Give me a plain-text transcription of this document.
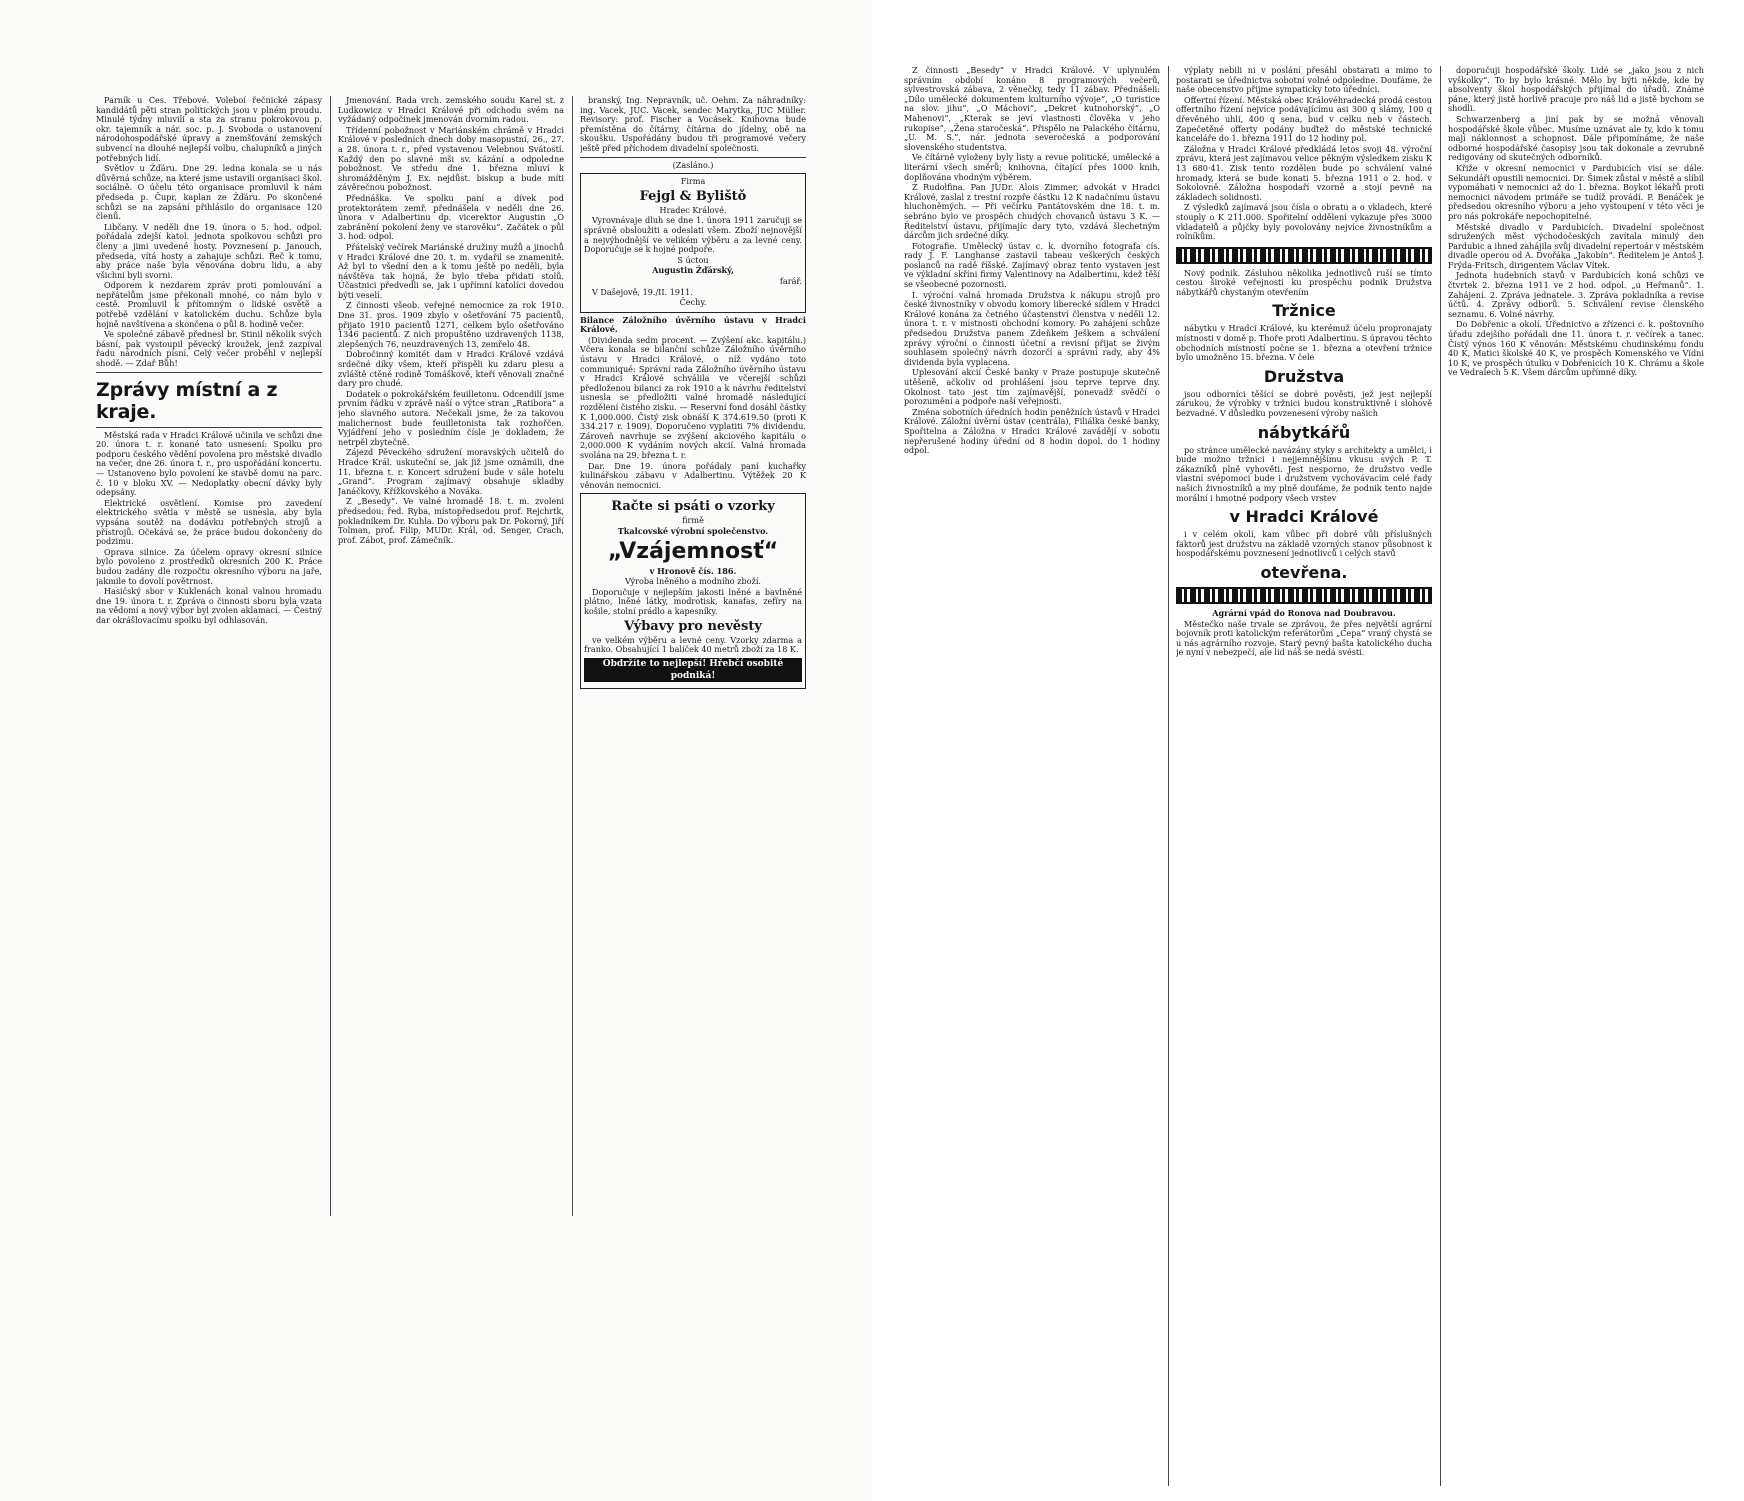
Parník u Čes. Třebové. Voleboí řečnické zápasy kandidátů pěti stran politických jsou v plném proudu. Minulé týdny mluvili a sta za stranu pokrokovou p. okr. tajemník a nár. soc. p. J. Svoboda o ustanovení národohospodářské úpravy a znemšťování zemských subvencí na dlouhé nejlepší volbu, chalupníků a jiných potřebných lidí.

Světlov u Žďáru. Dne 29. ledna konala se u nás důvěrná schůze, na které jsme ustavili organisaci škol. sociálně. O účelu této organisace promluvil k nám předseda p. Čupr, kaplan ze Žďáru. Po skončené schůzi se na zapsání přihlásilo do organisace 120 členů.

Libčany. V neděli dne 19. února o 5. hod. odpol. pořádala zdejší katol. jednota spolkovou schůzi pro členy a jimi uvedené hosty. Povznesení p. Janouch, předseda, vítá hosty a zahajuje schůzi. Řeč k tomu, aby práce naše byla věnována dobru lidu, a aby všichni byli svorni.

Odporem k nezdarem zpráv proti pomlouvání a nepřátelům jsme překonali mnohé, co nám bylo v cestě. Promluvil k přítomným o lidské osvětě a potřebě vzdělání v katolickém duchu. Schůze byla hojně navštívena a skončena o půl 8. hodině večer.

Ve společné zábavě přednesl br. Stinil několik svých básní, pak vystoupil pěvecký kroužek, jenž zazpíval řadu národních písní. Celý večer proběhl v nejlepší shodě. — Zdař Bůh!

Zprávy místní a z kraje.

Městská rada v Hradci Králové učinila ve schůzi dne 20. února t. r. konané tato usnesení: Spolku pro podporu českého vědění povolena pro městské divadlo na večer, dne 26. února t. r., pro uspořádání koncertu. — Ustanoveno bylo povolení ke stavbě domu na parc. č. 10 v bloku XV. — Nedoplatky obecní dávky byly odepsány.

Elektrické osvětlení. Komise pro zavedení elektrického světla v městě se usnesla, aby byla vypsána soutěž na dodávku potřebných strojů a přístrojů. Očekává se, že práce budou dokončeny do podzimu.

Oprava silnice. Za účelem opravy okresní silnice bylo povoleno z prostředků okresních 200 K. Práce budou zadány dle rozpočtu okresního výboru na jaře, jakmile to dovolí povětrnost.

Hasičský sbor v Kuklenách konal valnou hromadu dne 19. února t. r. Zpráva o činnosti sboru byla vzata na vědomí a nový výbor byl zvolen aklamací. — Čestný dar okrášlovacímu spolku byl odhlasován.

Jmenování. Rada vrch. zemského soudu Karel st. z Ludkowicz v Hradci Králové při odchodu svém na vyžádaný odpočinek jmenován dvorním radou.

Třídenní pobožnost v Mariánském chrámě v Hradci Králové v posledních dnech doby masopustní, 26., 27. a 28. února t. r., před vystavenou Velebnou Svátostí. Každý den po slavné mši sv. kázání a odpoledne pobožnost. Ve středu dne 1. března mluví k shromážděným J. Ex. nejdůst. biskup a bude míti závěrečnou pobožnost.

Přednáška. Ve spolku paní a dívek pod protektorátem zemř. přednášela v neděli dne 26. února v Adalbertinu dp. vicerektor Augustin „O zabránění pokolení ženy ve starověku“. Začátek o půl 3. hod. odpol.

Přátelský večírek Mariánské družiny mužů a jinochů v Hradci Králové dne 20. t. m. vydařil se znamenitě. Až byl to všední den a k tomu ještě po neděli, byla návštěva tak hojná, že bylo třeba přidati stolů. Účastnici předvedli se, jak i upřímní katolíci dovedou býti veselí.

Z činnosti všeob. veřejné nemocnice za rok 1910. Dne 31. pros. 1909 zbylo v ošetřování 75 pacientů, přijato 1910 pacientů 1271, celkem bylo ošetřováno 1346 pacientů. Z nich propuštěno uzdravených 1138, zlepšených 76, neuzdravených 13, zemřelo 48.

Dobročinný komitét dam v Hradci Králové vzdává srdečné díky všem, kteří přispěli ku zdaru plesu a zvláště ctěné rodině Tomáškově, kteří věnovali značné dary pro chudé.

Dodatek o pokrokářském feuilletonu. Odcendilí jsme prvním řádku v zprávě naší o výtce stran „Ratibora“ a jeho slavného autora. Nečekali jsme, že za takovou malichernost bude feuilletonista tak rozhořčen. Vyjádření jeho v posledním čísle je dokladem, že netrpěl zbytečně.

Zájezd Pěveckého sdružení moravských učitelů do Hradce Král. uskuteční se, jak již jsme oznámili, dne 11. března t. r. Koncert sdružení bude v sále hotelu „Grand“. Program zajímavý obsahuje skladby Janáčkovy, Křížkovského a Nováka.

Z „Besedy“. Ve valné hromadě 18. t. m. zvoleni předsedou: řed. Ryba, místopředsedou prof. Rejchrtk, pokladníkem Dr. Kuhla. Do výboru pak Dr. Pokorný, Jiří Tolman, prof. Filip, MUDr. Král, od. Senger, Crach, prof. Zábot, prof. Zámečník.

branský, Ing. Nepravník, uč. Oehm. Za náhradníky: ing. Vacek, JUC. Vacek, sendec Marytka, JUC Müller. Revisory: prof. Fischer a Vocásek. Knihovna bude přemístěna do čítárny, čítárna do jídelny, obě na skoušku. Uspořádány budou tři programové večery ještě před příchodem divadelní společnosti.

(Zasláno.)

Firma

Fejgl & Bylištǒ

Hradec Králové.

Vyrovnávaje dluh se dne 1. února 1911 zaručuji se správně obsloužiti a odeslati všem. Zboží nejnovější a nejvýhodnější ve velikém výběru a za levné ceny. Doporučuje se k hojné podpoře.

S úctou

Augustin Žďárský,

farář.

V Dašejově, 19./II. 1911.

Čechy.

Bilance Záložního úvěrního ústavu v Hradci Králové.

(Dividenda sedm procent. — Zvýšení akc. kapitálu.) Včera konala se bilanční schůze Záložního úvěrního ústavu v Hradci Králové, o níž vydáno toto communiqué: Správní rada Záložního úvěrního ústavu v Hradci Králové schválila ve včerejší schůzi předloženou bilanci za rok 1910 a k návrhu ředitelství usnesla se předložiti valné hromadě následující rozdělení čistého zisku. — Reservní fond dosáhl částky K 1,000.000. Čistý zisk obnáší K 374.619.50 (proti K 334.217 r. 1909). Doporučeno vyplatiti 7% dividendu. Zároveň navrhuje se zvýšení akciového kapitálu o 2,000.000 K vydáním nových akcií. Valná hromada svolána na 29. března t. r.

Dar. Dne 19. února pořádaly paní kuchařky kulinářskou zábavu v Adalbertinu. Výtěžek 20 K věnován nemocnici.

Račte si psáti o vzorky

firmě

Tkalcovské výrobní společenstvo.

„Vzájemnosť“

v Hronově čís. 186.

Výroba lněného a modního zboží.

Doporučuje v nejlepším jakosti lněné a bavlněné plátno, lněné látky, modrotisk, kanafas, zefíry na košile, stolní prádlo a kapesníky.

Výbavy pro nevěsty

ve velkém výběru a levné ceny. Vzorky zdarma a franko. Obsahující 1 balíček 40 metrů zboží za 18 K.

Obdržíte to nejlepší! Hřebčí osobitě podniká!

Z činnosti „Besedy“ v Hradci Králové. V uplynulém správním období konáno 8 programových večerů, sylvestrovská zábava, 2 věnečky, tedy 11 zábav. Přednášeli: „Dílo umělecké dokumentem kulturního vývoje“, „O turistice na slov. jihu“, „O Máchovi“, „Dekret kutnohorský“, „O Mahenovi“, „Kterak se jeví vlastnosti člověka v jeho rukopise“, „Žena staročeská“. Přispělo na Palackého čítárnu, „U. M. S.“, nár. jednota severočeská a podporování slovenského studentstva.

Ve čítárně vyloženy byly listy a revue politické, umělecké a literární všech směrů; knihovna, čítající přes 1000 knih, doplňována vhodným výběrem.

Z Rudolfina. Pan JUDr. Alois Zimmer, advokát v Hradci Králové, zaslal z trestní rozpře částku 12 K nadačnímu ústavu hluchoněmých. — Při večírku Pantátovském dne 18. t. m. sebráno bylo ve prospěch chudých chovanců ústavu 3 K. — Ředitelství ústavu, přijímajíc dary tyto, vzdává šlechetným dárcům jich srdečné díky.

Fotografie. Umělecký ústav c. k. dvorního fotografa cís. rady J. F. Langhanse zastavil tabeau veškerých českých poslanců na radě říšské. Zajímavý obraz tento vystaven jest ve výkladní skříni firmy Valentinovy na Adalbertinu, kdež těší se všeobecné pozornosti.

I. výroční valná hromada Družstva k nákupu strojů pro české živnostníky v obvodu komory liberecké sídlem v Hradci Králové konána za četného účastenství členstva v neděli 12. února t. r. v místnosti obchodní komory. Po zahájení schůze předsedou Družstva panem Zdeňkem Ješkem a schválení zprávy výroční o činnosti účetní a revisní přijat se živým souhlasem společný návrh dozorčí a správní rady, aby 4% dividenda byla vyplacena.

Uplesování akcií České banky v Praze postupuje skutečně utěšeně, ačkoliv od prohlášení jsou teprve teprve dny. Okolnost tato jest tím zajímavější, ponevadž svědčí o porozumění a podpoře naší veřejnosti.

Změna sobotních úředních hodin peněžních ústavů v Hradci Králové. Záložní úvěrní ústav (centrála), Filiálka české banky, Spořitelna a Záložna v Hradci Králové zavádějí v sobotu nepřerušené hodiny úřední od 8 hodin dopol. do 1 hodiny odpol.

výplaty nebili ni v poslání přesáhl obstarati a mimo to postarati se úřednictva sobotní volné odpoledne. Doufáme, že naše obecenstvo přijme sympaticky toto úředníci.

Offertní řízení. Městská obec Královéhradecká prodá cestou offertního řízení nejvíce podávajícímu asi 300 q slámy, 100 q dřevěného uhlí, 400 q sena, bud v celku neb v částech. Zapečetěné offerty podány buďtež do městské technické kanceláře do 1. března 1911 do 12 hodiny pol.

Záložna v Hradci Králové předkládá letos svoji 48. výroční zprávu, která jest zajímavou velice pěkným výsledkem zisku K 13 680·41. Zisk tento rozdělen bude po schválení valné hromady, která se bude konati 5. března 1911 o 2. hod. v Sokolovně. Záložna hospodaří vzorně a stojí pevně na základech solidnosti.

Z výsledků zajímavá jsou čísla o obratu a o vkladech, které stouply o K 211.000. Spořitelní oddělení vykazuje přes 3000 vkladatelů a půjčky byly povolovány nejvíce živnostníkům a rolníkům.

Nový podnik. Zásluhou několika jednotlivců ruší se tímto cestou široké veřejnosti ku prospěchu podnik Družstva nábytkářů chystaným otevřením

Tržnice

nábytku v Hradci Králové, ku kterémuž účelu propronajaty místnosti v domě p. Thoře proti Adalbertinu. S úpravou těchto obchodních místností počne se 1. března a otevření tržnice bylo umožněno 15. března. V čele

Družstva

jsou odborníci těšící se dobré pověsti, jež jest nejlepší zárukou, že výrobky v tržnici budou konstruktivně i slohově bezvadné. V důsledku povzenesení výroby našich

nábytkářů

po stránce umělecké navázány styky s architekty a umělci, i bude možno tržnici i nejjemnějšímu vkusu svých P. T. zákazníků plně vyhověti. Jest nesporno, že družstvo vedle vlastní svépomoci bude i družstvem vychovávacím celé řady našich živnostníků a my plně doufáme, že podnik tento najde morální i hmotné podpory všech vrstev

v Hradci Králové

i v celém okolí, kam vůbec při dobré vůli příslušných faktorů jest družstvu na základě vzorných stanov působnost k hospodářskému povznesení jednotlivců i celých stavů

otevřena.

Agrární vpád do Ronova nad Doubravou.

Městečko naše trvale se zprávou, že přes největší agrární bojovník proti katolickým referátorům „Cepa“ vraný chystá se u nás agrárního rozvoje. Starý pevný bašta katolického ducha je nyní v nebezpečí, ale lid náš se nedá svésti.

doporučuji hospodářské školy. Lidé se „jako jsou z nich vyškolky“. To by bylo krásné. Mělo by býti někde, kde by absolventy škol hospodářských přijímal do úřadů. Známe páne, který jistě horlivě pracuje pro náš lid a jistě bychom se shodli.

Schwarzenberg a jiní pak by se možná věnovali hospodářské škole vůbec. Musíme uznávat ale ty, kdo k tomu mají náklonnost a schopnost. Dále připomínáme, že naše odborné hospodářské časopisy jsou tak dokonale a zevrubně redigovány od skutečných odborníků.

Křiže v okresní nemocnici v Pardubicích visí se dále. Sekundáři opustili nemocnici. Dr. Šimek zůstal v městě a slíbil vypomáhati v nemocnici až do 1. března. Boykot lékařů proti nemocnici návodem primáře se tudíž provádí. P. Benáček je předsedou okresního výboru a jeho vystoupení v této věci je pro nás pokrokáře nepochopitelné.

Městské divadlo v Pardubicích. Divadelní společnost sdružených měst východočeských zavítala minulý den Pardubic a ihned zahájila svůj divadelní repertoár v městském divadle operou od A. Dvořáka „Jakobín“. Ředitelem je Antoš J. Frýda-Fritsch, dirigentem Václav Vítek.

Jednota hudebních stavů v Pardubicích koná schůzi ve čtvrtek 2. března 1911 ve 2 hod. odpol. „u Heřmanů“. 1. Zahájení. 2. Zpráva jednatele. 3. Zpráva pokladníka a revise účtů. 4. Zprávy odborů. 5. Schválení revise členského seznamu. 6. Volné návrhy.

Do Dobřenic a okolí. Úřednictvo a zřízenci c. k. poštovního úřadu zdejšího pořádali dne 11. února t. r. večírek a tanec. Čistý výnos 160 K věnován: Městskému chudinskému fondu 40 K, Matici školské 40 K, ve prospěch Komenského ve Vídni 10 K, ve prospěch útulku v Dobřenicích 10 K. Chrámu a škole ve Vedralech 5 K. Všem dárcům upřímné díky.
